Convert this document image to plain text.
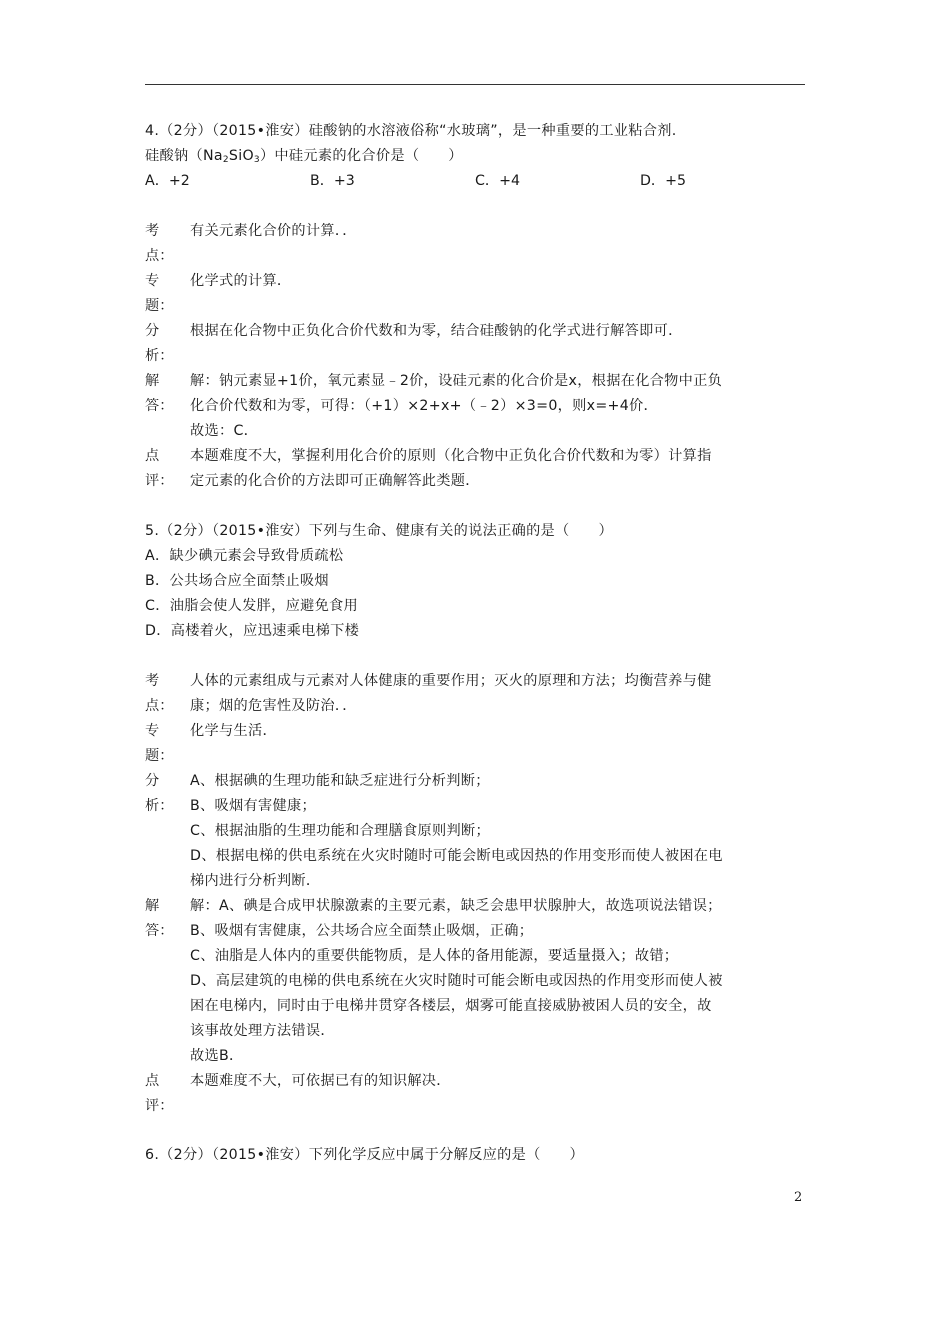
4.（2分）（2015•淮安）硅酸钠的水溶液俗称“水玻璃”，是一种重要的工业粘合剂.
硅酸钠$(Na_2SiO_3)$中硅元素的化合价是（　　）
A．+2	B．+3	C．+4	D．+5
考 有关元素化合价的计算．．
点：
专 化学式的计算．
题：
分 根据在化合物中正负化合价代数和为零，结合硅酸钠的化学式进行解答即可．
析：
解 解：钠元素显+1价，氧元素显﹣2价，设硅元素的化合价是x，根据在化合物中正负
答： 化合价代数和为零，可得：（+1）×2+x+（﹣2）×3=0，则x=+4价．
故选：C．
点 本题难度不大，掌握利用化合价的原则（化合物中正负化合价代数和为零）计算指
评： 定元素的化合价的方法即可正确解答此类题．
5.（2分）（2015•淮安）下列与生命、健康有关的说法正确的是（　　）
A．缺少碘元素会导致骨质疏松
B．公共场合应全面禁止吸烟
C．油脂会使人发胖，应避免食用
D．高楼着火，应迅速乘电梯下楼
考 人体的元素组成与元素对人体健康的重要作用；灭火的原理和方法；均衡营养与健
点： 康；烟的危害性及防治．．
专 化学与生活．
题：
分 A、根据碘的生理功能和缺乏症进行分析判断；
析： B、吸烟有害健康；
C、根据油脂的生理功能和合理膳食原则判断；
D、根据电梯的供电系统在火灾时随时可能会断电或因热的作用变形而使人被困在电
梯内进行分析判断．
解 解：A、碘是合成甲状腺激素的主要元素，缺乏会患甲状腺肿大，故选项说法错误；
答： B、吸烟有害健康，公共场合应全面禁止吸烟，正确；
C、油脂是人体内的重要供能物质，是人体的备用能源，要适量摄入；故错；
D、高层建筑的电梯的供电系统在火灾时随时可能会断电或因热的作用变形而使人被
困在电梯内，同时由于电梯井贯穿各楼层，烟雾可能直接威胁被困人员的安全，故
该事故处理方法错误．
故选B．
点 本题难度不大，可依据已有的知识解决．
评：
6.（2分）（2015•淮安）下列化学反应中属于分解反应的是（　　）
2
